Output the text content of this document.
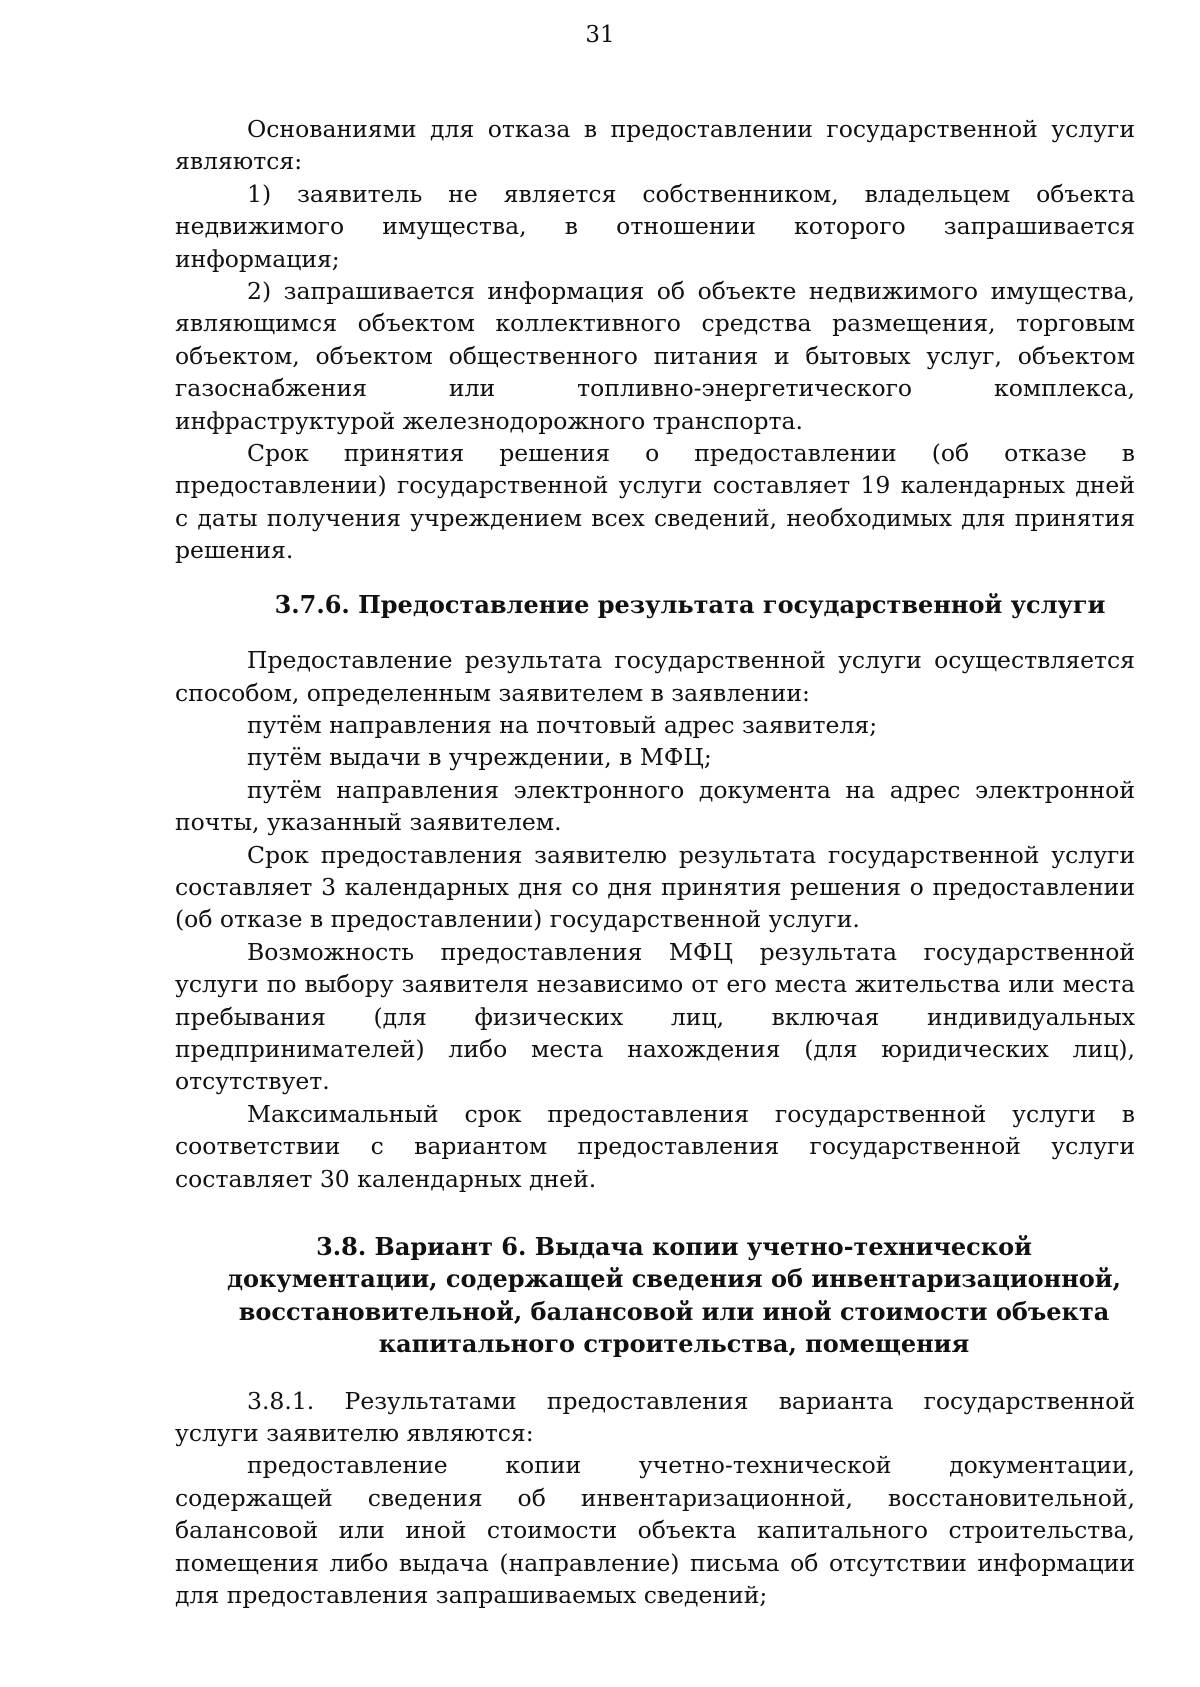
31

Основаниями для отказа в предоставлении государственной услуги являются:

1) заявитель не является собственником, владельцем объекта недвижимого имущества, в отношении которого запрашивается информация;

2) запрашивается информация об объекте недвижимого имущества, являющимся объектом коллективного средства размещения, торговым объектом, объектом общественного питания и бытовых услуг, объектом газоснабжения или топливно-энергетического комплекса, инфраструктурой железнодорожного транспорта.

Срок принятия решения о предоставлении (об отказе в предоставлении) государственной услуги составляет 19 календарных дней с даты получения учреждением всех сведений, необходимых для принятия решения.

3.7.6. Предоставление результата государственной услуги

Предоставление результата государственной услуги осуществляется способом, определенным заявителем в заявлении:

путём направления на почтовый адрес заявителя;

путём выдачи в учреждении, в МФЦ;

путём направления электронного документа на адрес электронной почты, указанный заявителем.

Срок предоставления заявителю результата государственной услуги составляет 3 календарных дня со дня принятия решения о предоставлении (об отказе в предоставлении) государственной услуги.

Возможность предоставления МФЦ результата государственной услуги по выбору заявителя независимо от его места жительства или места пребывания (для физических лиц, включая индивидуальных предпринимателей) либо места нахождения (для юридических лиц), отсутствует.

Максимальный срок предоставления государственной услуги в соответствии с вариантом предоставления государственной услуги составляет 30 календарных дней.

3.8. Вариант 6. Выдача копии учетно-технической документации, содержащей сведения об инвентаризационной, восстановительной, балансовой или иной стоимости объекта капитального строительства, помещения

3.8.1. Результатами предоставления варианта государственной услуги заявителю являются:

предоставление копии учетно-технической документации, содержащей сведения об инвентаризационной, восстановительной, балансовой или иной стоимости объекта капитального строительства, помещения либо выдача (направление) письма об отсутствии информации для предоставления запрашиваемых сведений;
